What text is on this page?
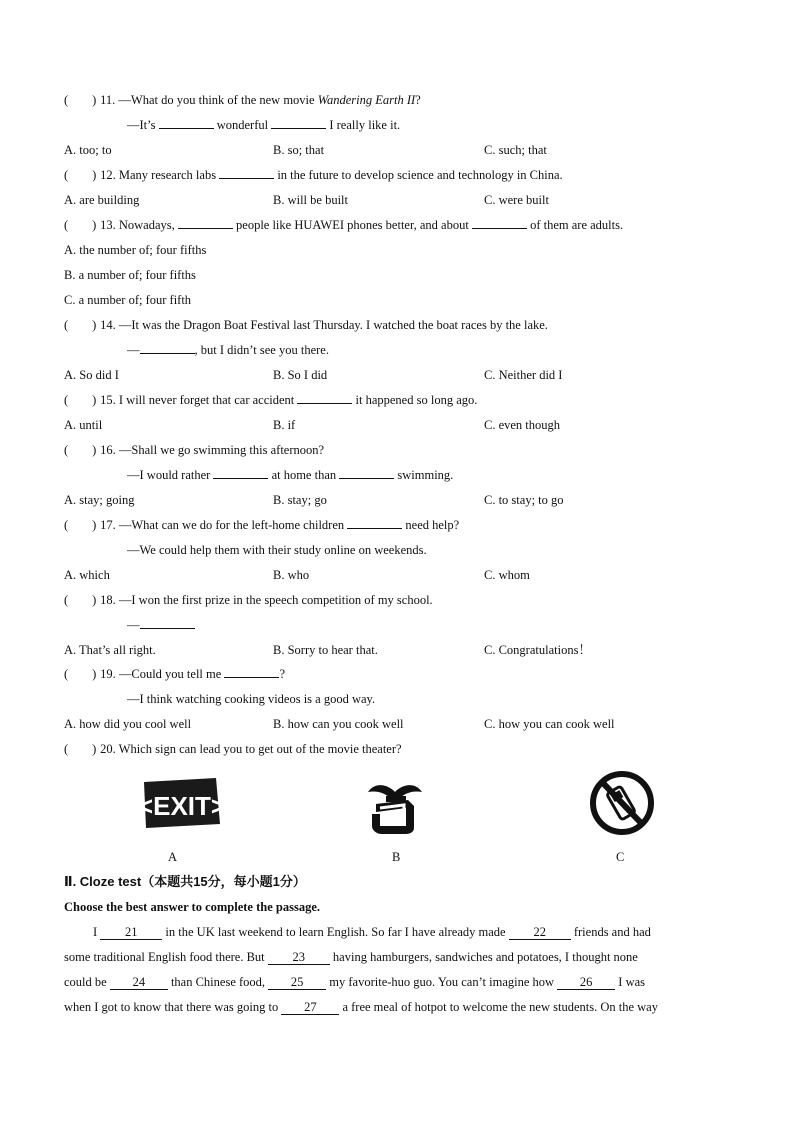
( ) 11. —What do you think of the new movie Wandering Earth II?
—It’s	wonderful	I really like it.
A. too; to	B. so; that	C. such; that
( ) 12. Many research labs	in the future to develop science and technology in China.
A. are building	B. will be built	C. were built
( ) 13. Nowadays,	people like HUAWEI phones better, and about	of them are adults.
A. the number of; four fifths
B. a number of; four fifths
C. a number of; four fifth
( ) 14. —It was the Dragon Boat Festival last Thursday. I watched the boat races by the lake.
—	, but I didn’t see you there.
A. So did I	B. So I did	C. Neither did I
( ) 15. I will never forget that car accident	it happened so long ago.
A. until	B. if	C. even though
( ) 16. —Shall we go swimming this afternoon?
—I would rather	at home than	swimming.
A. stay; going	B. stay; go	C. to stay; to go
( ) 17. —What can we do for the left-home children	need help?
—We could help them with their study online on weekends.
A. which	B. who	C. whom
( ) 18. —I won the first prize in the speech competition of my school.
—
A. That’s all right.	B. Sorry to hear that.	C. Congratulations！
( ) 19. —Could you tell me	?
—I think watching cooking videos is a good way.
A. how did you cool well	B. how can you cook well	C. how you can cook well
( ) 20. Which sign can lead you to get out of the movie theater?
<EXIT>
A	B	C
Ⅱ. Cloze test（本题共15分，每小题1分）
Choose the best answer to complete the passage.
I 21 in the UK last weekend to learn English. So far I have already made 22 friends and had
some traditional English food there. But 23 having hamburgers, sandwiches and potatoes, I thought none
could be 24 than Chinese food, 25 my favorite-huo guo. You can’t imagine how 26 I was
when I got to know that there was going to 27 a free meal of hotpot to welcome the new students. On the way
